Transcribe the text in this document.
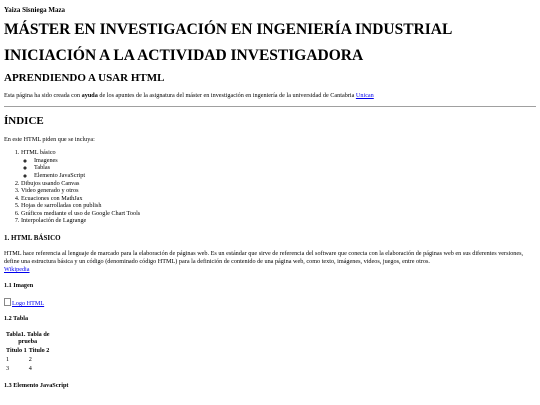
Yaiza Sisniega Maza
MÁSTER EN INVESTIGACIÓN EN INGENIERÍA INDUSTRIAL
INICIACIÓN A LA ACTIVIDAD INVESTIGADORA
APRENDIENDO A USAR HTML

Esta página ha sido creada con ayuda de los apuntes de la asignatura del máster en investigación en ingeniería de la universidad de Cantabria Unican

ÍNDICE

En este HTML piden que se incluya:

1. HTML básico
◦ Imagenes
◦ Tablas
◦ Elemento JavaScript
2. Dibujos usando Canvas
3. Video generado y otros
4. Ecuaciones con MathJax
5. Hojas de sarrolladas con publish
6. Gráficos mediante el uso de Google Chart Tools
7. Interpolación de Lagrange
1. HTML BÁSICO

HTML hace referencia al lenguaje de marcado para la elaboración de páginas web. Es un estándar que sirve de referencia del software que conecta con la elaboración de páginas web en sus diferentes versiones, define una estructura básica y un código (denominado código HTML) para la definición de contenido de una página web, como texto, imágenes, videos, juegos, entre otros.
Wikipedia

1.1 Imagen
Logo HTML
1.2 Tabla
Tabla1. Tabla de prueba
Titulo 1	Titulo 2
1	2
3	4
1.3 Elemento JavaScript
